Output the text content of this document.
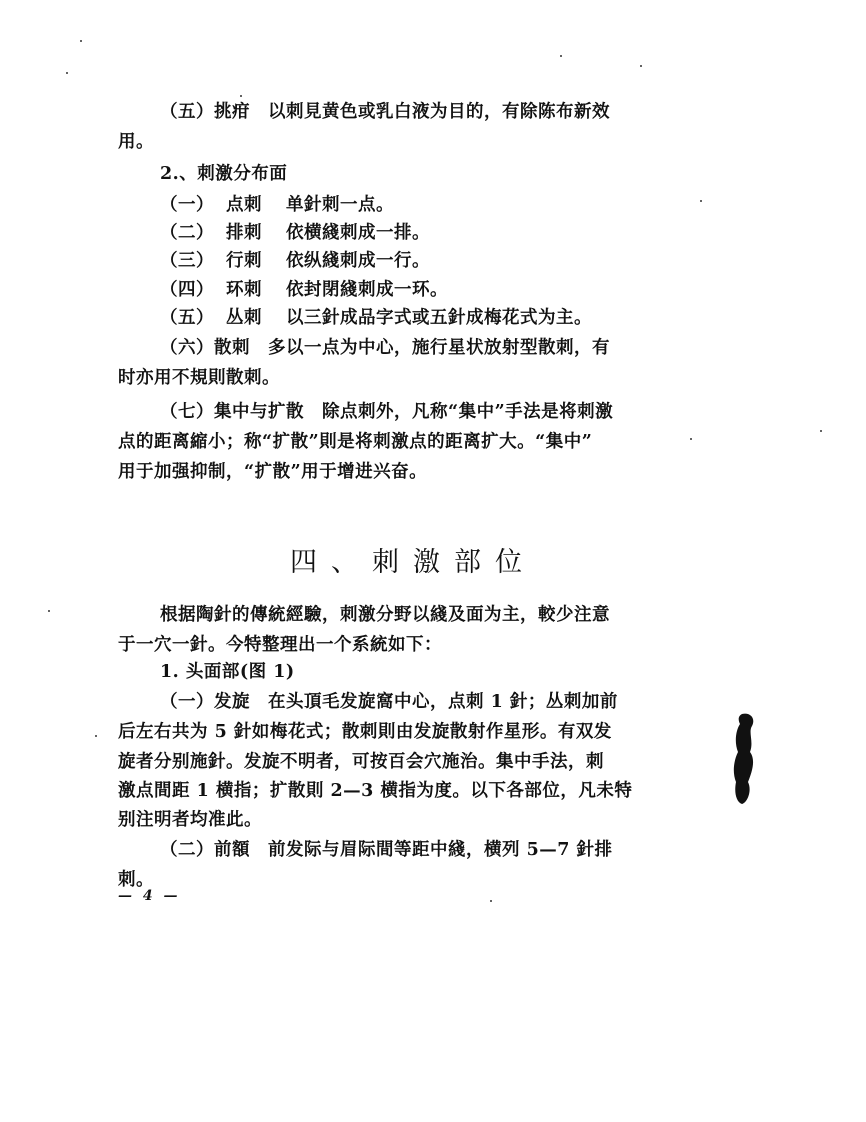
（五）挑疳　以刺見黄色或乳白液为目的，有除陈布新效
用。
2.、刺激分布面
（一） 点刺 单針刺一点。
（二） 排刺 依横綫刺成一排。
（三） 行刺 依纵綫刺成一行。
（四） 环刺 依封閉綫刺成一环。
（五） 丛刺 以三針成品字式或五針成梅花式为主。
（六）散刺　多以一点为中心，施行星状放射型散刺，有
时亦用不規則散刺。
（七）集中与扩散　除点刺外，凡称“集中”手法是将刺激
点的距离縮小；称“扩散”則是将刺激点的距离扩大。“集中”
用于加强抑制，“扩散”用于增进兴奋。
四、刺激部位
根据陶針的傳統經驗，刺激分野以綫及面为主，較少注意
于一穴一針。今特整理出一个系統如下：
1. 头面部(图 1)
（一）发旋　在头頂毛发旋窩中心，点刺 1 針；丛刺加前
后左右共为 5 針如梅花式；散刺則由发旋散射作星形。有双发
旋者分别施針。发旋不明者，可按百会穴施治。集中手法，刺
激点間距 1 横指；扩散則 2—3 横指为度。以下各部位，凡未特
别注明者均准此。
（二）前額　前发际与眉际間等距中綫，横列 5—7 針排
刺。
— 4 —
